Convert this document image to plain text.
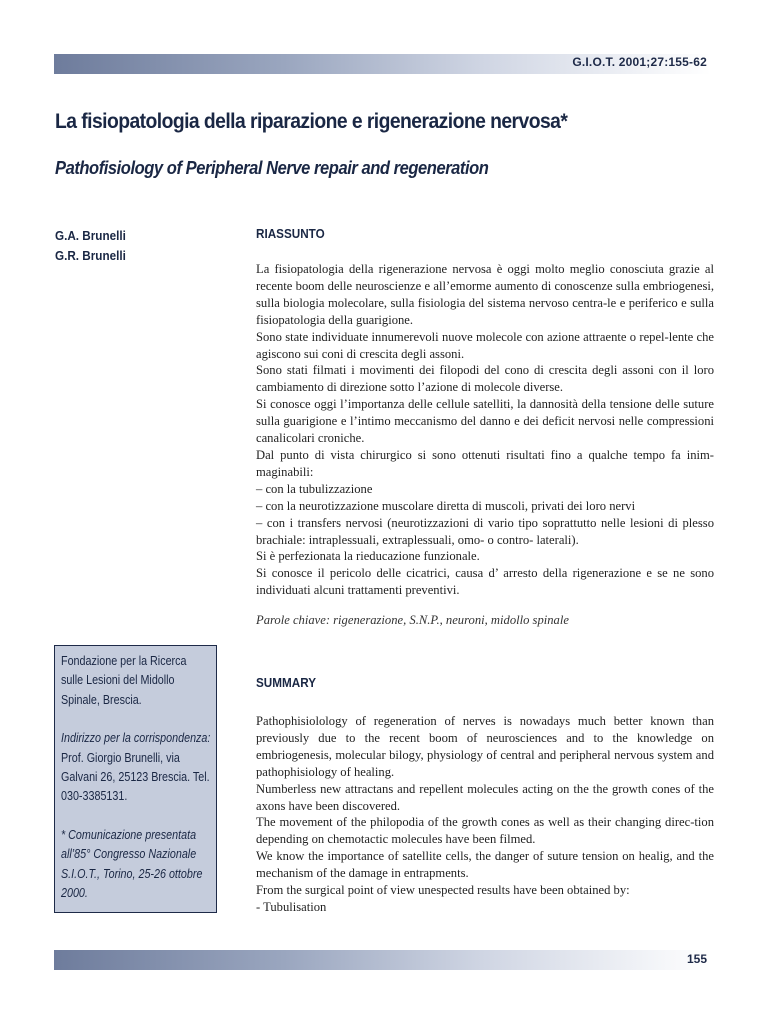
G.I.O.T. 2001;27:155-62
La fisiopatologia della riparazione e rigenerazione nervosa*
Pathofisiology of Peripheral Nerve repair and regeneration
G.A. Brunelli
G.R. Brunelli
RIASSUNTO

La fisiopatologia della rigenerazione nervosa è oggi molto meglio conosciuta grazie al recente boom delle neuroscienze e all’emorme aumento di conoscenze sulla embriogenesi, sulla biologia molecolare, sulla fisiologia del sistema nervoso centra-le e periferico e sulla fisiopatologia della guarigione.

Sono state individuate innumerevoli nuove molecole con azione attraente o repel-lente che agiscono sui coni di crescita degli assoni.

Sono stati filmati i movimenti dei filopodi del cono di crescita degli assoni con il loro cambiamento di direzione sotto l’azione di molecole diverse.

Si conosce oggi l’importanza delle cellule satelliti, la dannosità della tensione delle suture sulla guarigione e l’intimo meccanismo del danno e dei deficit nervosi nelle compressioni canalicolari croniche.

Dal punto di vista chirurgico si sono ottenuti risultati fino a qualche tempo fa inim-maginabili:

– con la tubulizzazione

– con la neurotizzazione muscolare diretta di muscoli, privati dei loro nervi

– con i transfers nervosi (neurotizzazioni di vario tipo soprattutto nelle lesioni di plesso brachiale: intraplessuali, extraplessuali, omo- o contro- laterali).

Si è perfezionata la rieducazione funzionale.

Si conosce il pericolo delle cicatrici, causa d’ arresto della rigenerazione e se ne sono individuati alcuni trattamenti preventivi.

Parole chiave: rigenerazione, S.N.P., neuroni, midollo spinale

Fondazione per la Ricerca sulle Lesioni del Midollo Spinale, Brescia.

Indirizzo per la corrispondenza: Prof. Giorgio Brunelli, via Galvani 26, 25123 Brescia. Tel. 030-3385131.

* Comunicazione presentata all’85° Congresso Nazionale S.I.O.T., Torino, 25-26 ottobre 2000.

SUMMARY

Pathophisiolology of regeneration of nerves is nowadays much better known than previously due to the recent boom of neurosciences and to the knowledge on embriogenesis, molecular bilogy, physiology of central and peripheral nervous system and pathophisiology of healing.

Numberless new attractans and repellent molecules acting on the the growth cones of the axons have been discovered.

The movement of the philopodia of the growth cones as well as their changing direc-tion depending on chemotactic molecules have been filmed.

We know the importance of satellite cells, the danger of suture tension on healig, and the mechanism of the damage in entrapments.

From the surgical point of view unespected results have been obtained by:

- Tubulisation

155
